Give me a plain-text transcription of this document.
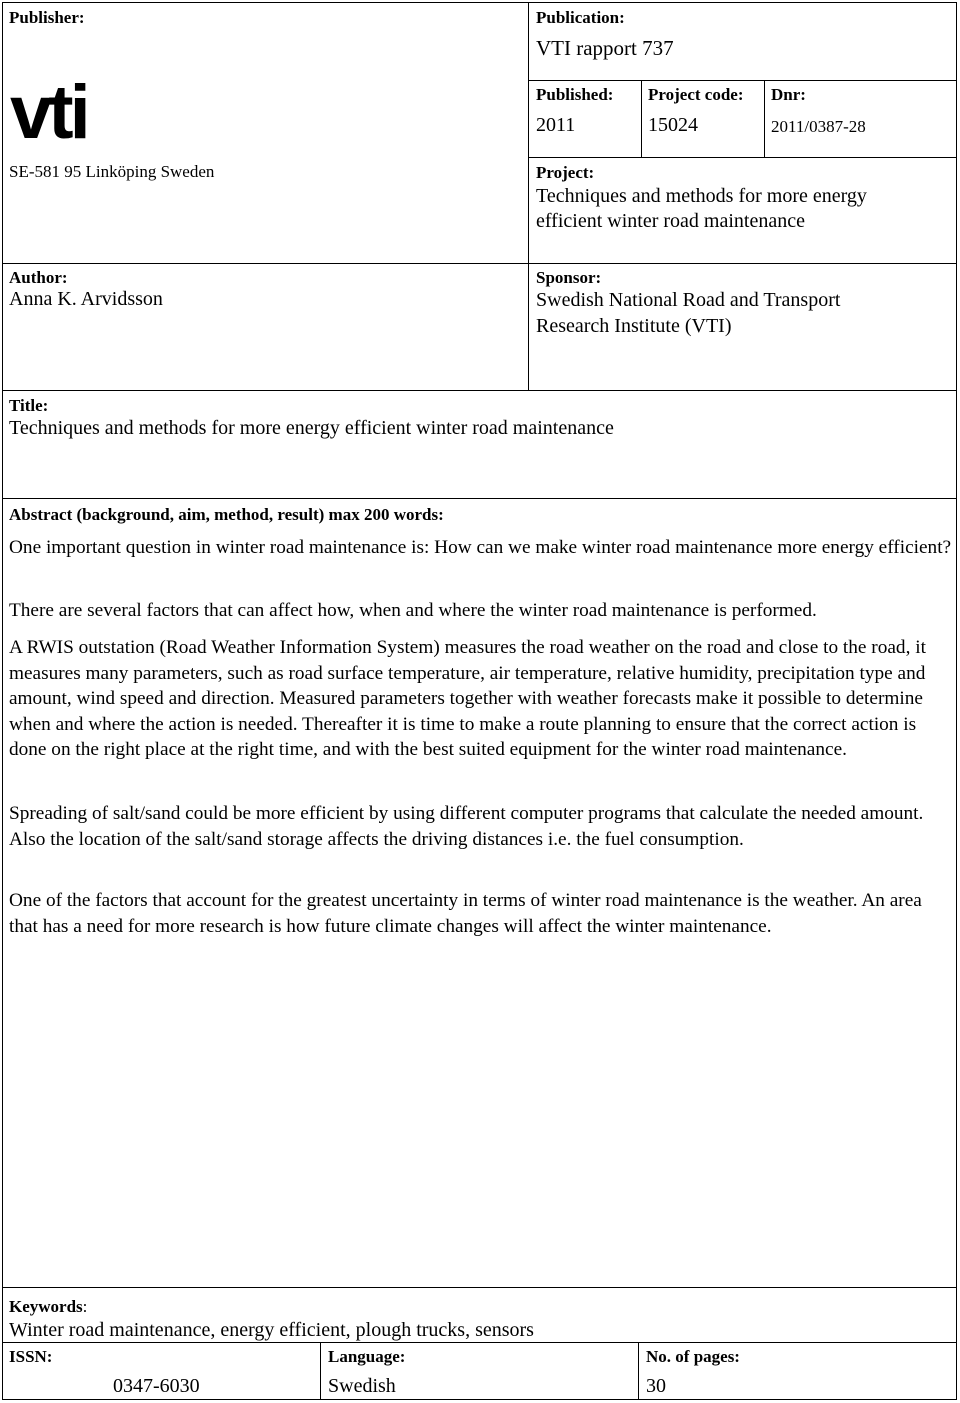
Publisher:
vti
SE-581 95 Linköping Sweden
Publication:
VTI rapport 737
Published:
2011
Project code:
15024
Dnr:
2011/0387-28
Project:
Techniques and methods for more energy
efficient winter road maintenance
Author:
Anna K. Arvidsson
Sponsor:
Swedish National Road and Transport
Research Institute (VTI)
Title:
Techniques and methods for more energy efficient winter road maintenance
Abstract (background, aim, method, result) max 200 words:
One important question in winter road maintenance is: How can we make winter road maintenance more energy efficient?
There are several factors that can affect how, when and where the winter road maintenance is performed.
A RWIS outstation (Road Weather Information System) measures the road weather on the road and close to the road, it measures many parameters, such as road surface temperature, air temperature, relative humidity, precipitation type and amount, wind speed and direction. Measured parameters together with weather forecasts make it possible to determine when and where the action is needed. Thereafter it is time to make a route planning to ensure that the correct action is done on the right place at the right time, and with the best suited equipment for the winter road maintenance.
Spreading of salt/sand could be more efficient by using different computer programs that calculate the needed amount. Also the location of the salt/sand storage affects the driving distances i.e. the fuel consumption.
One of the factors that account for the greatest uncertainty in terms of winter road maintenance is the weather. An area that has a need for more research is how future climate changes will affect the winter maintenance.
Keywords:
Winter road maintenance, energy efficient, plough trucks, sensors
ISSN:
0347-6030
Language:
Swedish
No. of pages:
30
